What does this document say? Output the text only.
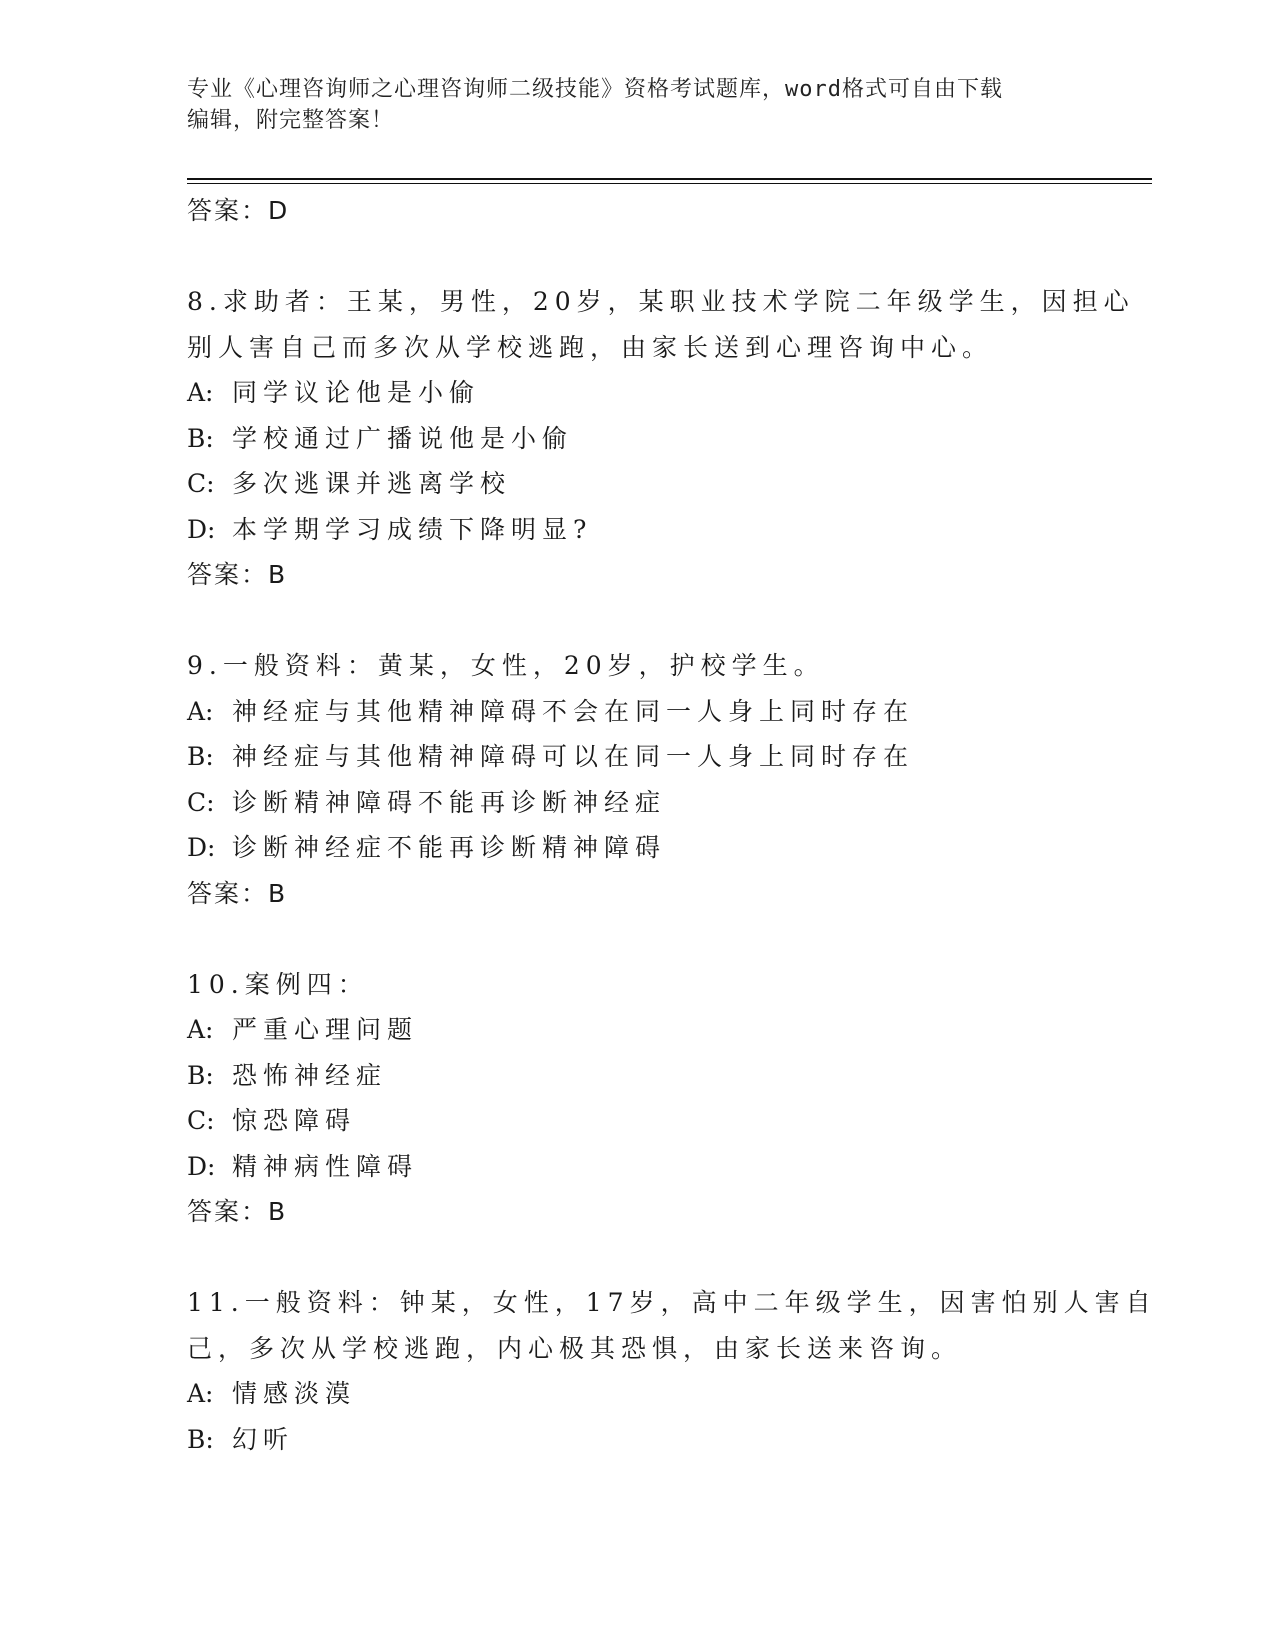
专业《心理咨询师之心理咨询师二级技能》资格考试题库，word格式可自由下载
编辑，附完整答案！
答案：D
8.求助者：王某，男性，20岁，某职业技术学院二年级学生，因担心
别人害自己而多次从学校逃跑，由家长送到心理咨询中心。
A: 同学议论他是小偷
B: 学校通过广播说他是小偷
C: 多次逃课并逃离学校
D: 本学期学习成绩下降明显?
答案：B
9.一般资料：黄某，女性，20岁，护校学生。
A: 神经症与其他精神障碍不会在同一人身上同时存在
B: 神经症与其他精神障碍可以在同一人身上同时存在
C: 诊断精神障碍不能再诊断神经症
D: 诊断神经症不能再诊断精神障碍
答案：B
10.案例四：
A: 严重心理问题
B: 恐怖神经症
C: 惊恐障碍
D: 精神病性障碍
答案：B
11.一般资料：钟某，女性，17岁，高中二年级学生，因害怕别人害自
己，多次从学校逃跑，内心极其恐惧，由家长送来咨询。
A: 情感淡漠
B: 幻听
